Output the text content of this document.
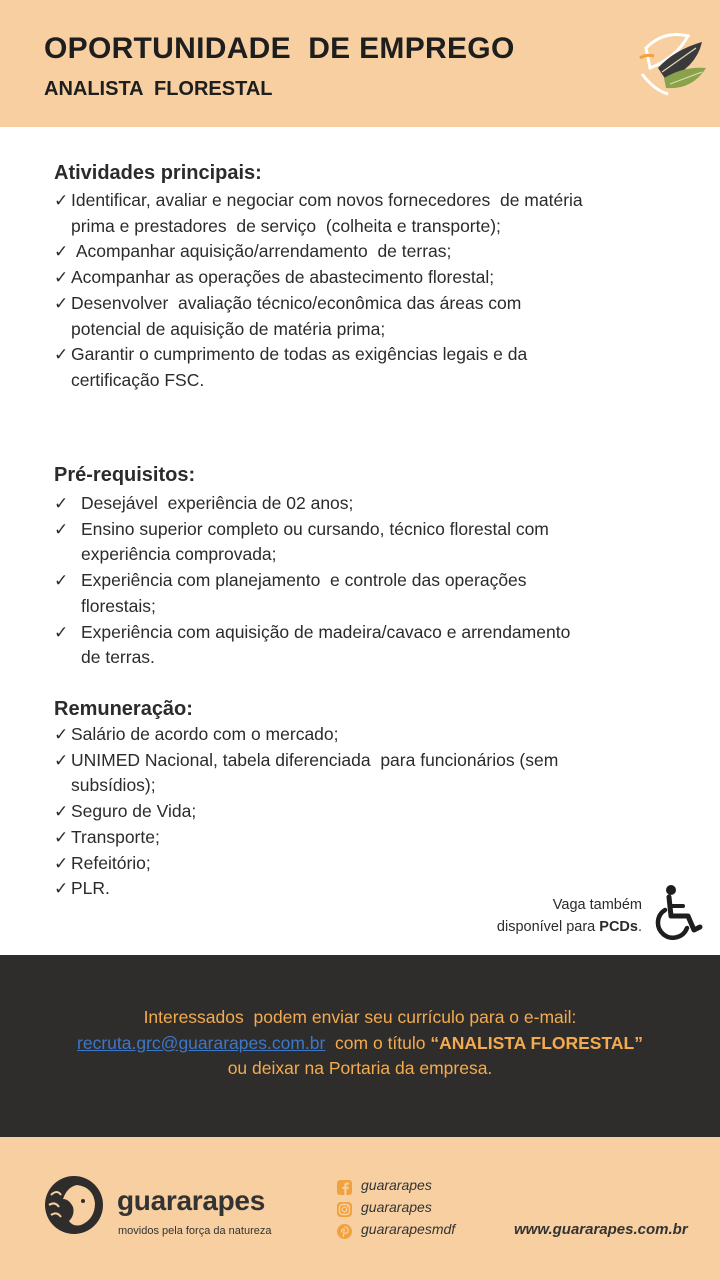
OPORTUNIDADE  DE EMPREGO
ANALISTA  FLORESTAL
Atividades principais:
✓ Identificar, avaliar e negociar com novos fornecedores  de matéria prima e prestadores  de serviço  (colheita e transporte);
✓ Acompanhar aquisição/arrendamento  de terras;
✓ Acompanhar as operações de abastecimento florestal;
✓ Desenvolver  avaliação técnico/econômica das áreas com potencial de aquisição de matéria prima;
✓ Garantir o cumprimento de todas as exigências legais e da certificação FSC.
Pré-requisitos:
✓ Desejável  experiência de 02 anos;
✓ Ensino superior completo ou cursando, técnico florestal com experiência comprovada;
✓ Experiência com planejamento  e controle das operações florestais;
✓ Experiência com aquisição de madeira/cavaco e arrendamento  de terras.
Remuneração:
✓ Salário de acordo com o mercado;
✓ UNIMED Nacional, tabela diferenciada  para funcionários (sem subsídios);
✓ Seguro de Vida;
✓ Transporte;
✓ Refeitório;
✓ PLR.
Vaga também
disponível para PCDs.
Interessados  podem enviar seu currículo para o e-mail:
recruta.grc@guararapes.com.br  com o título “ANALISTA FLORESTAL”
ou deixar na Portaria da empresa.
guararapes
movidos pela força da natureza
guararapes
guararapes
guararapesmdf	www.guararapes.com.br
